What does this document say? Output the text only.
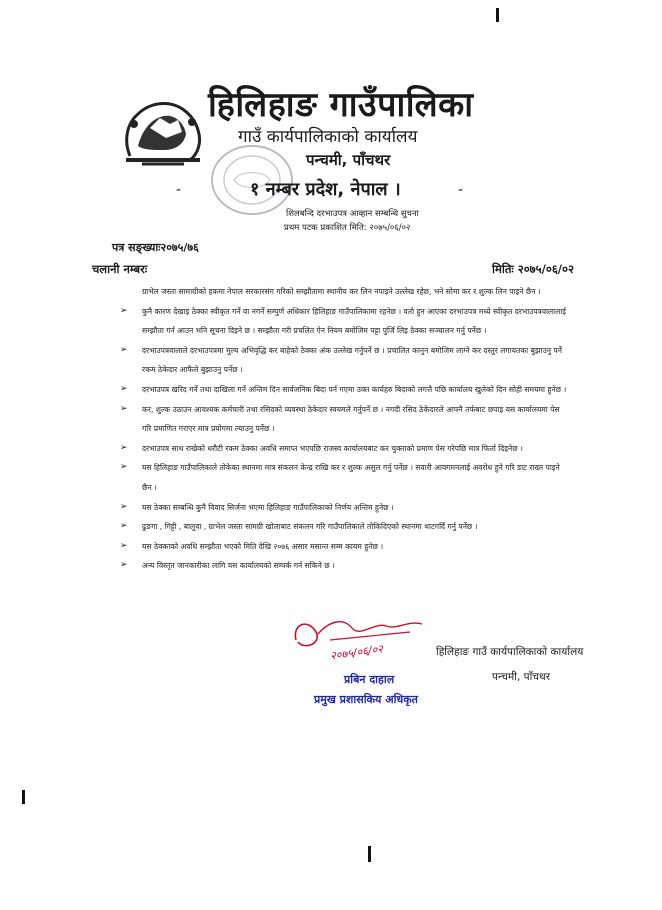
हिलिहाङ गाउँपालिका
गाउँ कार्यपालिकाको कार्यालय
पन्चमी, पाँचथर
-	१ नम्बर प्रदेश, नेपाल ।	-
शिलबन्दि दरभाउपत्र आव्हान सम्बन्धि सुचना
प्रथम पटक प्रकाशित मिति: २०७५/०६/०२
पत्र सङ्ख्याः२०७५/७६
चलानी नम्बरः	मितिः २०७५/०६/०२

ग्राभेल जस्ता सामाग्रीको हकमा नेपाल सरकारसंग गरिको सम्झौतामा स्थानीय कर लिन नपाइने उल्लेख रहेछ, भने सोमा कर र शुल्क लिन पाइने छैन ।

➢ कुनै कारण देखाइ ठेक्का स्वीकृत गर्ने वा नगर्ने सम्पुर्ण अधिकार हिलिहाङ गाउँपालिकामा रहनेछ । वतो हुन आएका दरभाउपत्र मध्ये स्वीकृत दरभाउपत्रवालालाई सम्झौता गर्न आउन भनि सूचना दिइने छ । सम्झौता गरी प्रचलित ऐन नियम बमोजिम पट्टा पुर्जि लिइ ठेक्का सञ्चालन गर्नु पर्नेछ ।
➢ दरभाउपत्रवालाले दरभाउपत्रमा मुल्य अभिवृद्धि कर बाहेको ठेक्का अंक उल्लेख गर्नुपर्ने छ । प्रचालित कानुन बमोजिम लाग्ने कर दस्तुर लगायतका बुझाउनु पर्ने रकम ठेकेदार आफैले बुझाउनु पर्नेछ ।
➢ दरभाउपत्र खरिद गर्ने तथा दाखिला गर्ने अन्तिम दिन सार्वजनिक बिदा पर्न गएमा उक्त कार्यहरु बिदाको लगत्तै पछि कार्यालय खुलेको दिन सोही समयमा हुनेछ ।
➢ कर, शुल्क उठाउन आवश्यक कर्मचारी तथा रसिदको व्यवस्था ठेकेदार स्वयमले गर्नुपर्ने छ । नगदी रसिद ठेकेदारले आफ्नै तर्फबाट छपाइ यस कार्यालयमा पेस गरि प्रमाणित गराएर मात्र प्रयोगमा ल्याउनु पर्नेछ ।
➢ दरभाउपत्र साथ राखेको धरौटी रकम ठेक्का अवधि समाप्त भएपछि राजस्व कार्यालयबाट कर चुक्ताको प्रमाण पेस गरेपछि मात्र फिर्ता दिइनेछ ।
➢ यस हिलिहाङ गाउँपालिकाले तोकेका स्थानमा मात्र संकलन केन्द्र राखि कर र शुल्क असुल गर्नु पर्नेछ । सवारी आवगमनलाई अवरोध हुने गरि डाट राख्न पाइने छैन ।
➢ यस ठेक्का सम्बन्धि कुनै विवाद सिर्जना भएमा हिलिहाङ गाउँपालिकाको निर्णय अन्तिम हुनेछ ।
➢ ढुङगा , गिट्टी , बालुवा , ग्राभेल जस्ता सामग्री खोलाबाट संकलन गरि गाउँपालिकाले तोकिदिएको स्थानमा थाटगर्दि गर्नु पर्नेछ ।
➢ यस ठेक्काको अवधि सम्झौता भएको मिति देखि २०७६ असार मसान्त सम्म कायम हुनेछ ।
➢ अन्य विस्तृत जानकारीका लागि यस कार्यालयको सम्पर्क गर्न सकिने छ ।
२०७५/०६/०२
प्रबिन दाहाल
प्रमुख प्रशासकिय अधिकृत
हिलिहाङ गाउँ कार्यपालिकाको कार्यालय
पन्चमी, पाँचथर
